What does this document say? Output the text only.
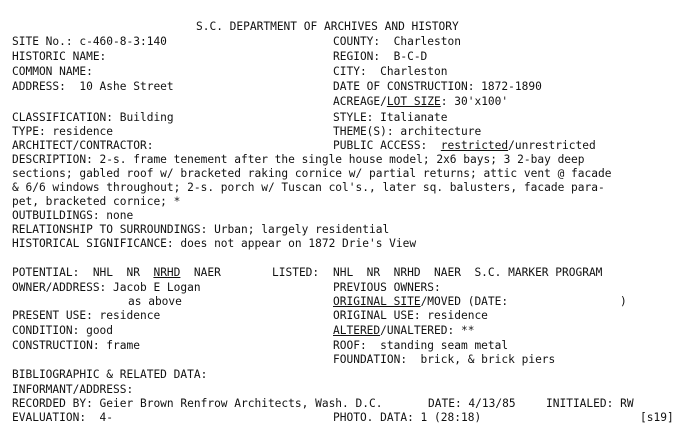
S.C. DEPARTMENT OF ARCHIVES AND HISTORY
SITE No.: c-460-8-3:140
HISTORIC NAME:
COMMON NAME:
ADDRESS:  10 Ashe Street
COUNTY:  Charleston
REGION:  B-C-D
CITY:  Charleston
DATE OF CONSTRUCTION: 1872-1890
ACREAGE/LOT SIZE: 30'x100'
CLASSIFICATION: Building
TYPE: residence
ARCHITECT/CONTRACTOR:
STYLE: Italianate
THEME(S): architecture
PUBLIC ACCESS:  restricted/unrestricted
DESCRIPTION: 2-s. frame tenement after the single house model; 2x6 bays; 3 2-bay deep
sections; gabled roof w/ bracketed raking cornice w/ partial returns; attic vent @ facade
& 6/6 windows throughout; 2-s. porch w/ Tuscan col's., later sq. balusters, facade para-
pet, bracketed cornice; *
OUTBUILDINGS: none
RELATIONSHIP TO SURROUNDINGS: Urban; largely residential
HISTORICAL SIGNIFICANCE: does not appear on 1872 Drie's View
POTENTIAL:  NHL  NR  NRHD  NAER	LISTED: NHL  NR  NRHD  NAER  S.C. MARKER PROGRAM
OWNER/ADDRESS: Jacob E Logan
as above
PREVIOUS OWNERS:
ORIGINAL SITE/MOVED (DATE:	)
PRESENT USE: residence
CONDITION: good
CONSTRUCTION: frame
ORIGINAL USE: residence
ALTERED/UNALTERED: **
ROOF:  standing seam metal
FOUNDATION:  brick, & brick piers
BIBLIOGRAPHIC & RELATED DATA:
INFORMANT/ADDRESS:
RECORDED BY: Geier Brown Renfrow Architects, Wash. D.C.	DATE: 4/13/85	INITIALED: RW
EVALUATION:  4-	PHOTO. DATA: 1 (28:18)	[s19]
